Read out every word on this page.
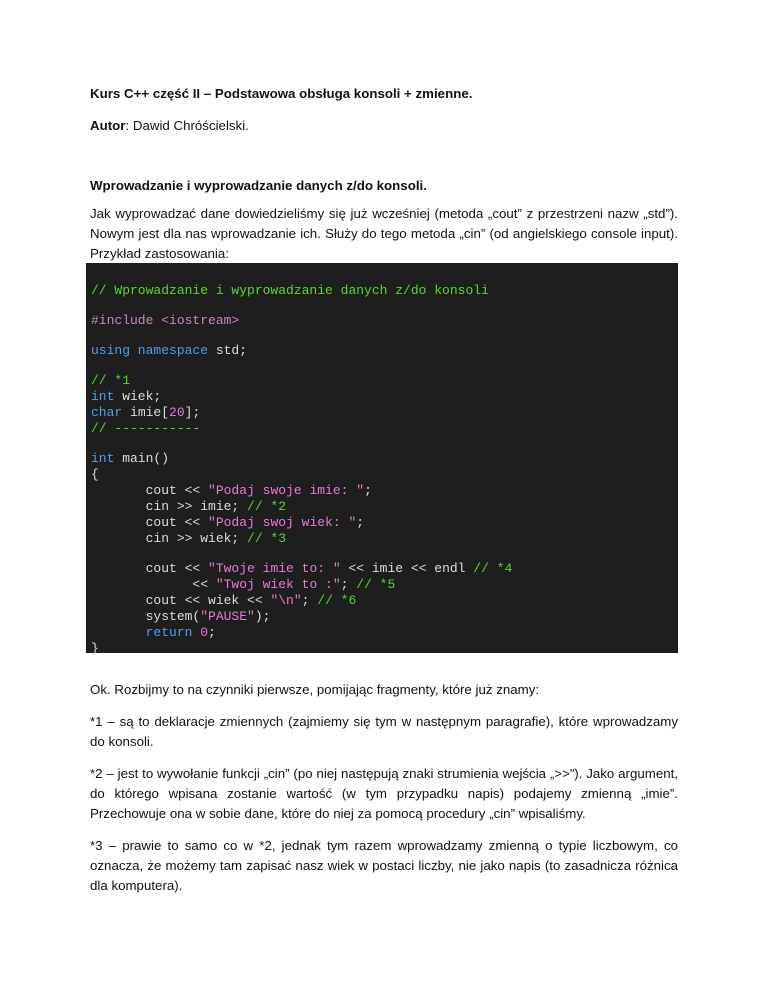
Kurs C++ część II – Podstawowa obsługa konsoli + zmienne.

Autor: Dawid Chróścielski.

Wprowadzanie i wyprowadzanie danych z/do konsoli.

Jak wyprowadzać dane dowiedzieliśmy się już wcześniej (metoda „cout” z przestrzeni nazw „std”). Nowym jest dla nas wprowadzanie ich. Służy do tego metoda „cin” (od angielskiego console input). Przykład zastosowania:

// Wprowadzanie i wyprowadzanie danych z/do konsoli
#include <iostream>
using namespace std;
// *1
int wiek;
char imie[20];
// -----------
int main()
{
cout << "Podaj swoje imie: ";
cin >> imie; // *2
cout << "Podaj swoj wiek: ";
cin >> wiek; // *3
cout << "Twoje imie to: " << imie << endl // *4
<< "Twoj wiek to :"; // *5
cout << wiek << "\n"; // *6
system("PAUSE");
return 0;
}

Ok. Rozbijmy to na czynniki pierwsze, pomijając fragmenty, które już znamy:

*1 – są to deklaracje zmiennych (zajmiemy się tym w następnym paragrafie), które wprowadzamy do konsoli.

*2 – jest to wywołanie funkcji „cin” (po niej następują znaki strumienia wejścia „>>”). Jako argument, do którego wpisana zostanie wartość (w tym przypadku napis) podajemy zmienną „imie”. Przechowuje ona w sobie dane, które do niej za pomocą procedury „cin” wpisaliśmy.

*3 – prawie to samo co w *2, jednak tym razem wprowadzamy zmienną o typie liczbowym, co oznacza, że możemy tam zapisać nasz wiek w postaci liczby, nie jako napis (to zasadnicza różnica dla komputera).
